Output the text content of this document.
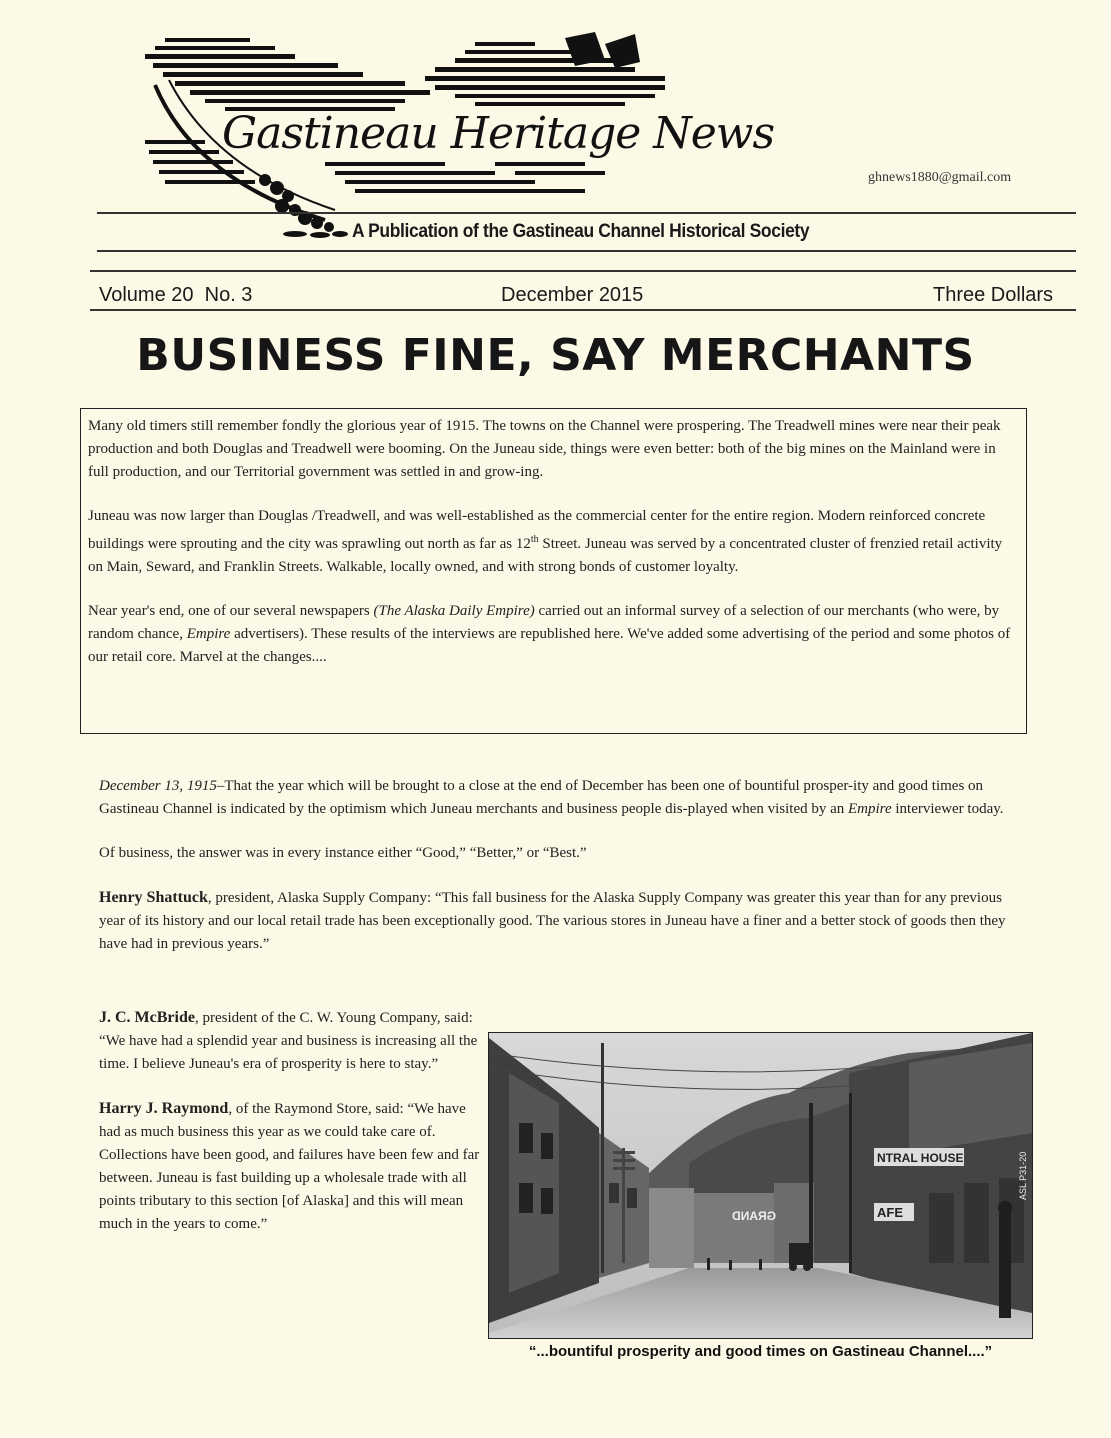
Gastineau Heritage News
ghnews1880@gmail.com
A Publication of the Gastineau Channel Historical Society
Volume 20  No. 3	December 2015	Three Dollars
BUSINESS FINE, SAY MERCHANTS

Many old timers still remember fondly the glorious year of 1915. The towns on the Channel were prospering. The Treadwell mines were near their peak production and both Douglas and Treadwell were booming. On the Juneau side, things were even better: both of the big mines on the Mainland were in full production, and our Territorial government was settled in and grow-ing.

Juneau was now larger than Douglas /Treadwell, and was well-established as the commercial center for the entire region. Modern reinforced concrete buildings were sprouting and the city was sprawling out north as far as 12th Street. Juneau was served by a concentrated cluster of frenzied retail activity on Main, Seward, and Franklin Streets. Walkable, locally owned, and with strong bonds of customer loyalty.

Near year's end, one of our several newspapers (The Alaska Daily Empire) carried out an informal survey of a selection of our merchants (who were, by random chance, Empire advertisers). These results of the interviews are republished here. We've added some advertising of the period and some photos of our retail core. Marvel at the changes....

December 13, 1915–That the year which will be brought to a close at the end of December has been one of bountiful prosper-ity and good times on Gastineau Channel is indicated by the optimism which Juneau merchants and business people dis-played when visited by an Empire interviewer today.

Of business, the answer was in every instance either “Good,” “Better,” or “Best.”

Henry Shattuck, president, Alaska Supply Company: “This fall business for the Alaska Supply Company was greater this year than for any previous year of its history and our local retail trade has been exceptionally good. The various stores in Juneau have a finer and a better stock of goods then they have had in previous years.”

J. C. McBride, president of the C. W. Young Company, said: “We have had a splendid year and business is increasing all the time. I believe Juneau's era of prosperity is here to stay.”

Harry J. Raymond, of the Raymond Store, said: “We have had as much business this year as we could take care of. Collections have been good, and failures have been few and far between. Juneau is fast building up a wholesale trade with all points tributary to this section [of Alaska] and this will mean much in the years to come.”	GRAND
NTRAL HOUSE
AFE
ASL P31-20
“...bountiful prosperity and good times on Gastineau Channel....”
